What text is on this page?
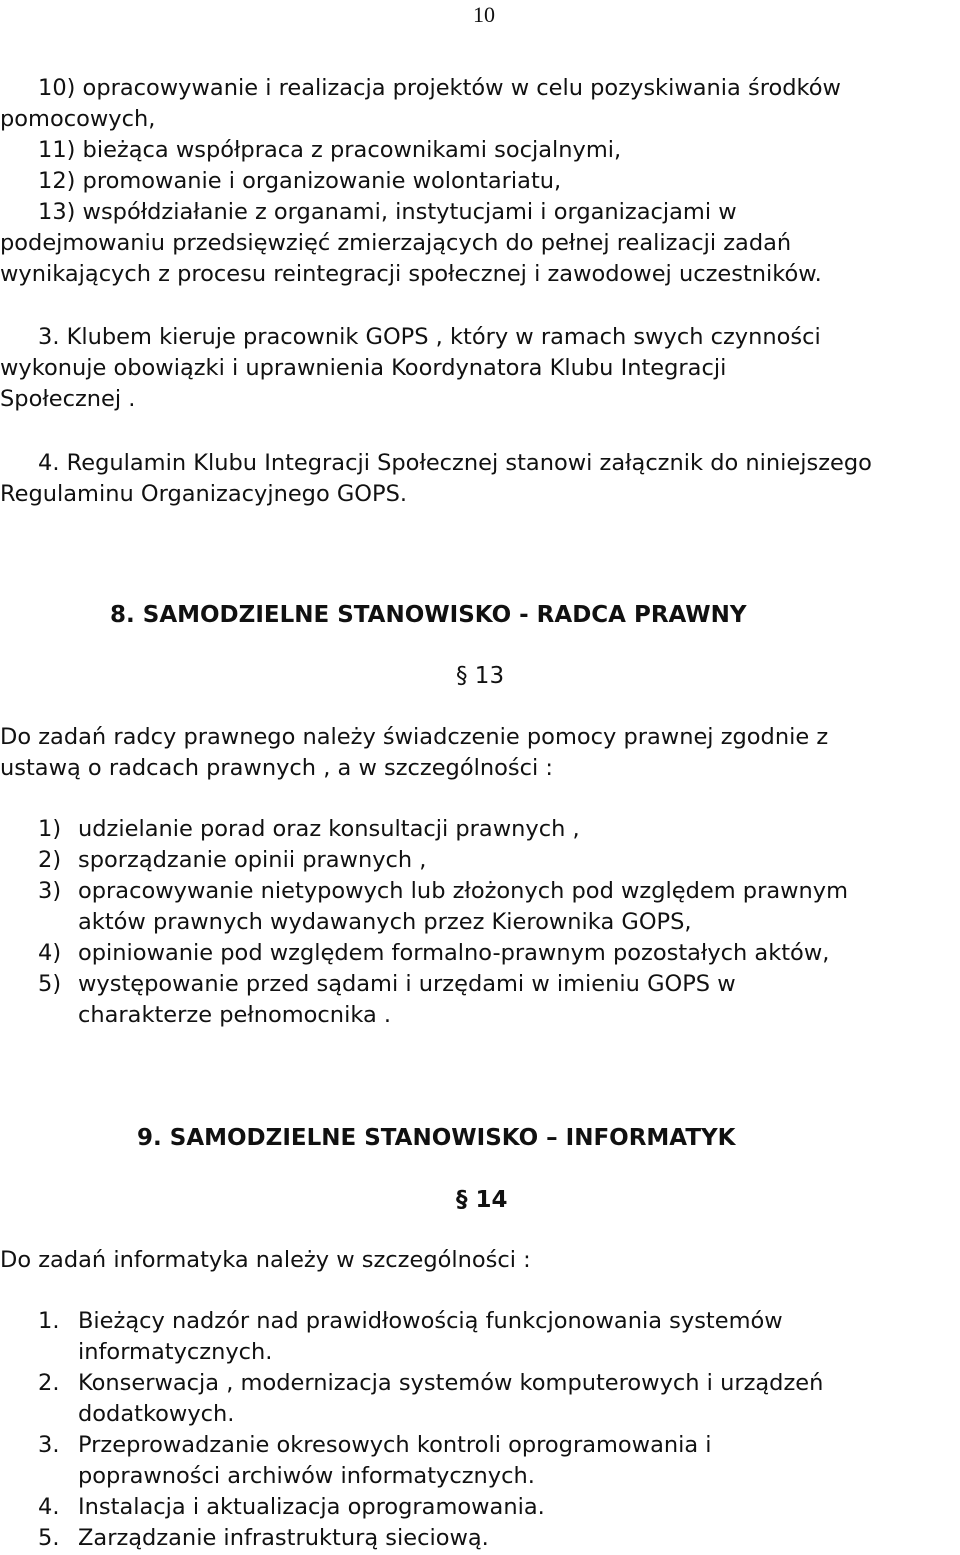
10
10) opracowywanie i realizacja projektów w celu pozyskiwania środków
pomocowych,
11) bieżąca współpraca z pracownikami socjalnymi,
12) promowanie i organizowanie wolontariatu,
13) współdziałanie z organami, instytucjami i organizacjami w
podejmowaniu przedsięwzięć zmierzających do pełnej realizacji zadań
wynikających z procesu reintegracji społecznej i zawodowej uczestników.
3. Klubem kieruje pracownik GOPS , który w ramach swych czynności
wykonuje obowiązki i uprawnienia Koordynatora Klubu Integracji
Społecznej .
4. Regulamin Klubu Integracji Społecznej stanowi załącznik do niniejszego
Regulaminu Organizacyjnego GOPS.
8. SAMODZIELNE STANOWISKO - RADCA PRAWNY
§ 13
Do zadań radcy prawnego należy świadczenie pomocy prawnej zgodnie z
ustawą o radcach prawnych , a w szczególności :
1) udzielanie porad oraz konsultacji prawnych ,
2) sporządzanie opinii prawnych ,
3) opracowywanie nietypowych lub złożonych pod względem prawnym
aktów prawnych wydawanych przez Kierownika GOPS,
4) opiniowanie pod względem formalno-prawnym pozostałych aktów,
5) występowanie przed sądami i urzędami w imieniu GOPS w
charakterze pełnomocnika .
9. SAMODZIELNE STANOWISKO – INFORMATYK
§ 14
Do zadań informatyka należy w szczególności :
1. Bieżący nadzór nad prawidłowością funkcjonowania systemów
informatycznych.
2. Konserwacja , modernizacja systemów komputerowych i urządzeń
dodatkowych.
3. Przeprowadzanie okresowych kontroli oprogramowania i
poprawności archiwów informatycznych.
4. Instalacja i aktualizacja oprogramowania.
5. Zarządzanie infrastrukturą sieciową.
